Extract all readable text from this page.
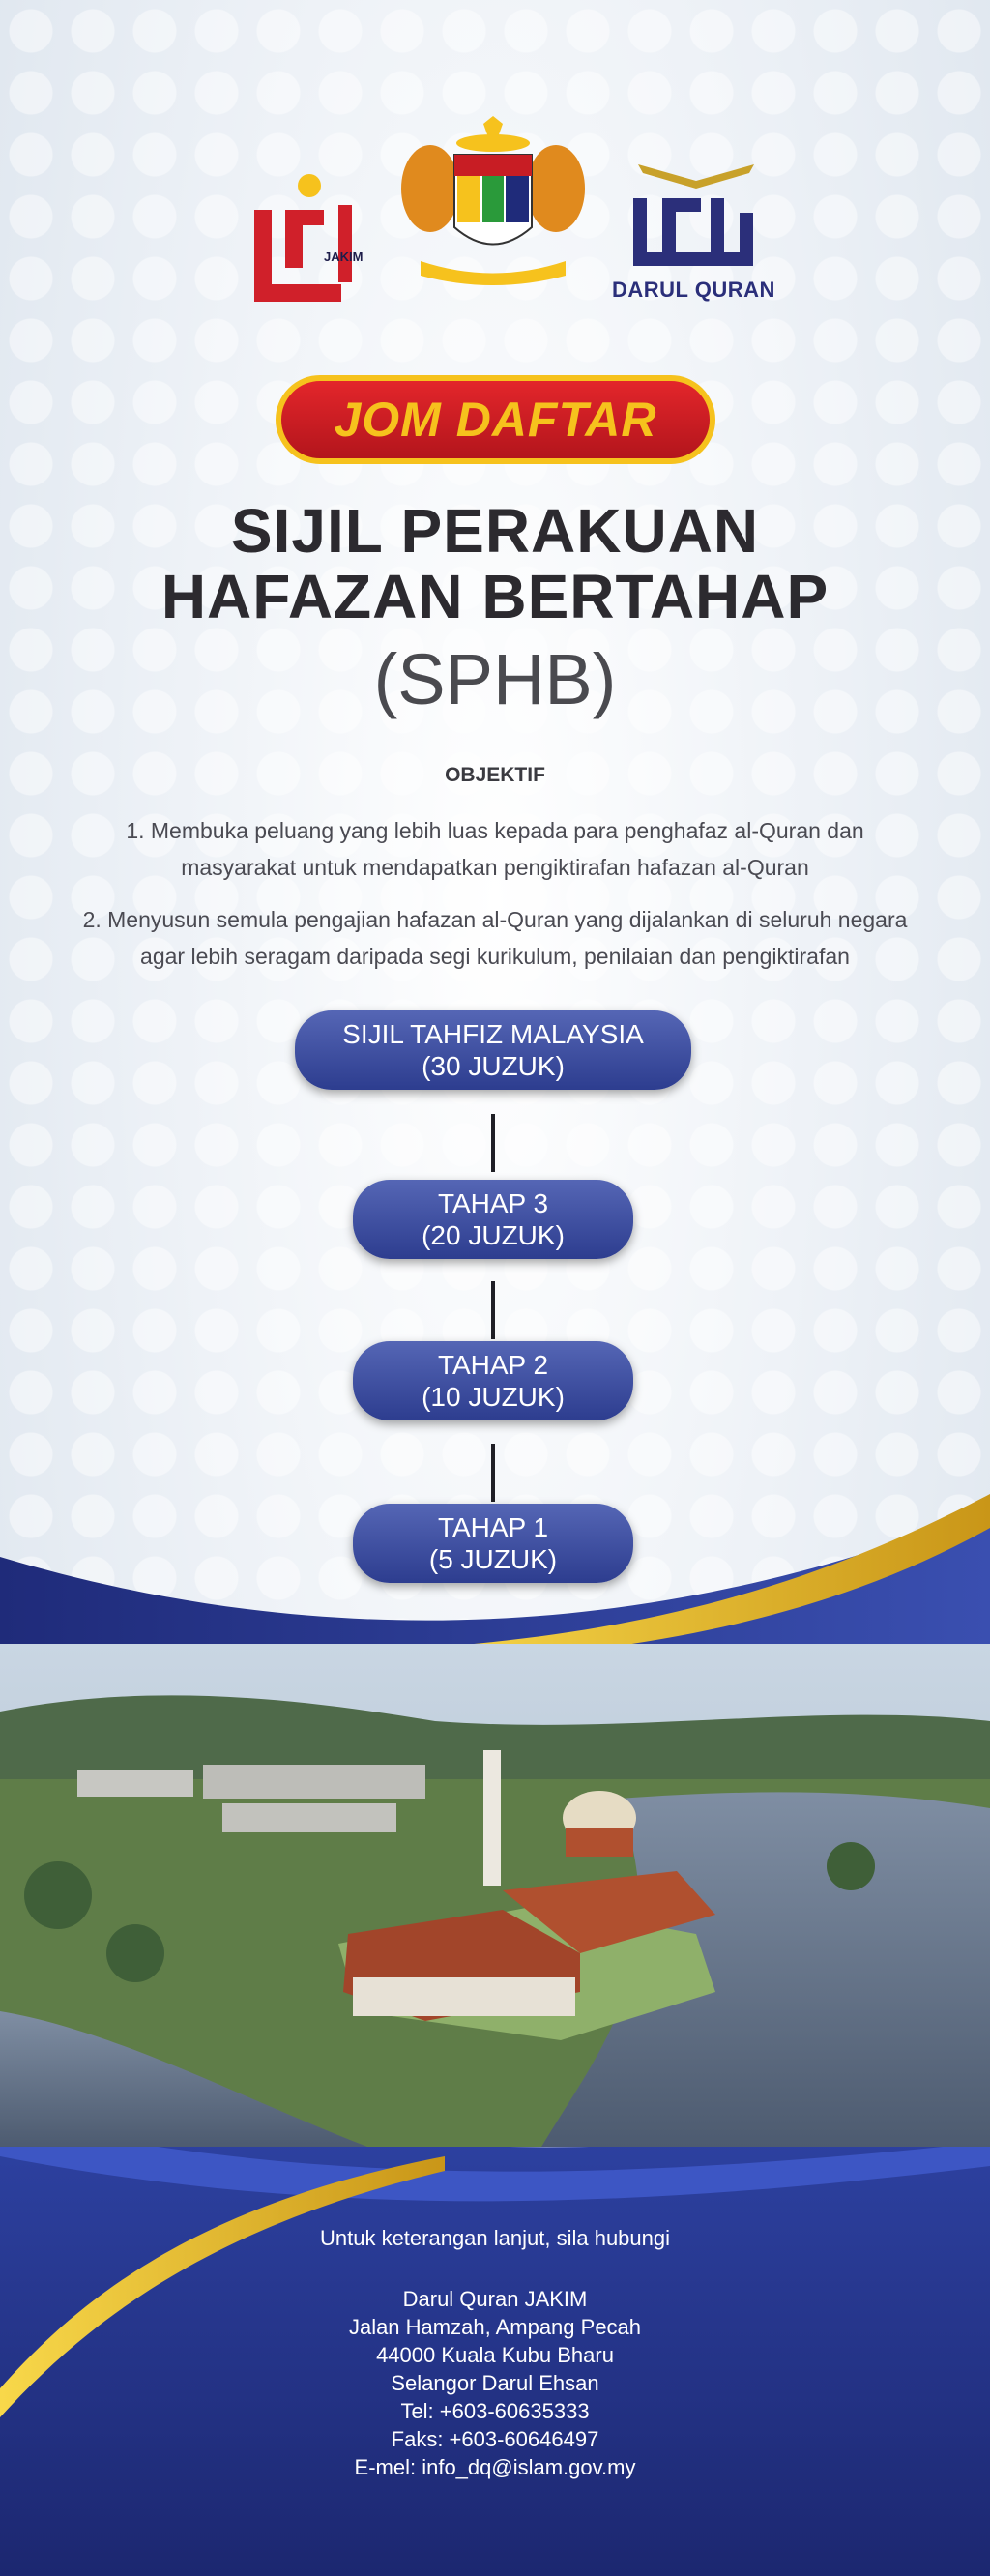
JAKIM
DARUL QURAN
JOM DAFTAR
SIJIL PERAKUAN
HAFAZAN BERTAHAP
(SPHB)
OBJEKTIF
1. Membuka peluang yang lebih luas kepada para penghafaz al-Quran dan
masyarakat untuk mendapatkan pengiktirafan hafazan al-Quran
2. Menyusun semula pengajian hafazan al-Quran yang dijalankan di seluruh negara
agar lebih seragam daripada segi kurikulum, penilaian dan pengiktirafan
SIJIL TAHFIZ MALAYSIA
(30 JUZUK)
TAHAP 3
(20 JUZUK)
TAHAP 2
(10 JUZUK)
TAHAP 1
(5 JUZUK)
Untuk keterangan lanjut, sila hubungi
Darul Quran JAKIM
Jalan Hamzah, Ampang Pecah
44000 Kuala Kubu Bharu
Selangor Darul Ehsan
Tel: +603-60635333
Faks: +603-60646497
E-mel: info_dq@islam.gov.my
